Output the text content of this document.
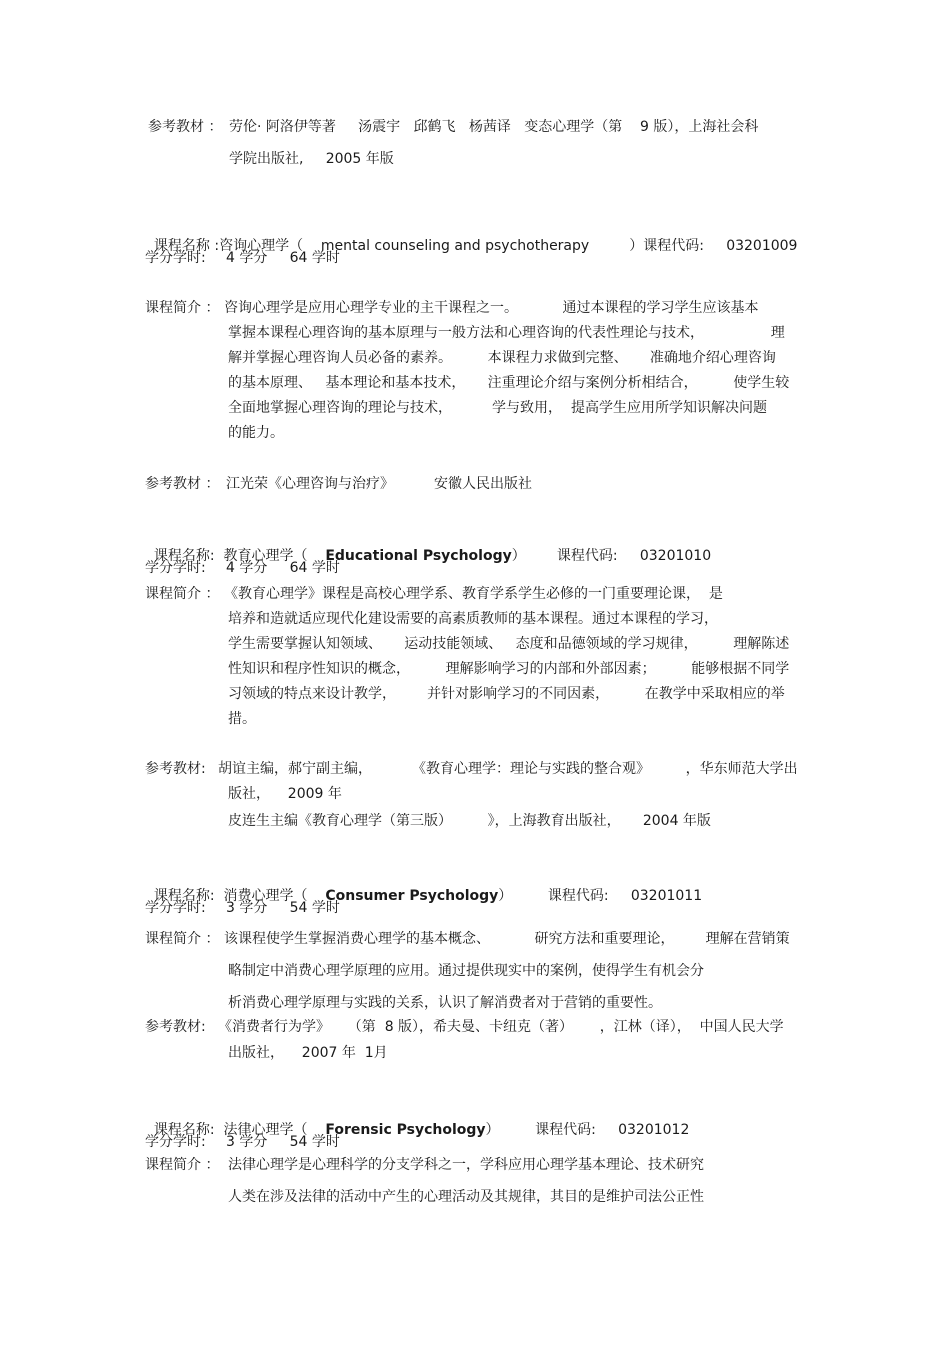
参考教材 ： 劳伦· 阿洛伊等著     汤震宇   邱鹤飞   杨茜译   变态心理学（第    9 版），上海社会科
学院出版社,     2005 年版

课程名称 :咨询心理学（    mental counseling and psychotherapy         ）课程代码:     03201009

学分学时: 4 学分     64 学时
课程简介 ： 咨询心理学是应用心理学专业的主干课程之一。          通过本课程的学习学生应该基本
掌握本课程心理咨询的基本原理与一般方法和心理咨询的代表性理论与技术，               理
解并掌握心理咨询人员必备的素养。        本课程力求做到完整、     准确地介绍心理咨询
的基本原理、   基本理论和基本技术，     注重理论介绍与案例分析相结合，        使学生较
全面地掌握心理咨询的理论与技术，         学与致用，  提高学生应用所学知识解决问题
的能力。
参考教材 ： 江光荣《心理咨询与治疗》         安徽人民出版社

课程名称:  教育心理学（    Educational Psychology）       课程代码:     03201010

学分学时: 4 学分     64 学时
课程简介 ： 《教育心理学》课程是高校心理学系、教育学系学生必修的一门重要理论课，  是
培养和造就适应现代化建设需要的高素质教师的基本课程。通过本课程的学习，
学生需要掌握认知领域、     运动技能领域、   态度和品德领域的学习规律，        理解陈述
性知识和程序性知识的概念，        理解影响学习的内部和外部因素；        能够根据不同学
习领域的特点来设计教学，       并针对影响学习的不同因素，        在教学中采取相应的举
措。
参考教材: 胡谊主编，郝宁副主编，         《教育心理学：理论与实践的整合观》        ，华东师范大学出
版社，    2009 年
皮连生主编《教育心理学（第三版）        》，上海教育出版社，     2004 年版

课程名称:  消费心理学（    Consumer Psychology）        课程代码:     03201011

学分学时: 3 学分     54 学时
课程简介 ： 该课程使学生掌握消费心理学的基本概念、          研究方法和重要理论，       理解在营销策
略制定中消费心理学原理的应用。通过提供现实中的案例，使得学生有机会分
析消费心理学原理与实践的关系，认识了解消费者对于营销的重要性。
参考教材: 《消费者行为学》    （第  8 版），希夫曼、卡纽克（著）      ，江林（译），  中国人民大学
出版社，    2007 年  1月

课程名称:  法律心理学（    Forensic Psychology）        课程代码:     03201012

学分学时: 3 学分     54 学时
课程简介 ： 法律心理学是心理科学的分支学科之一，学科应用心理学基本理论、技术研究
人类在涉及法律的活动中产生的心理活动及其规律，其目的是维护司法公正性
